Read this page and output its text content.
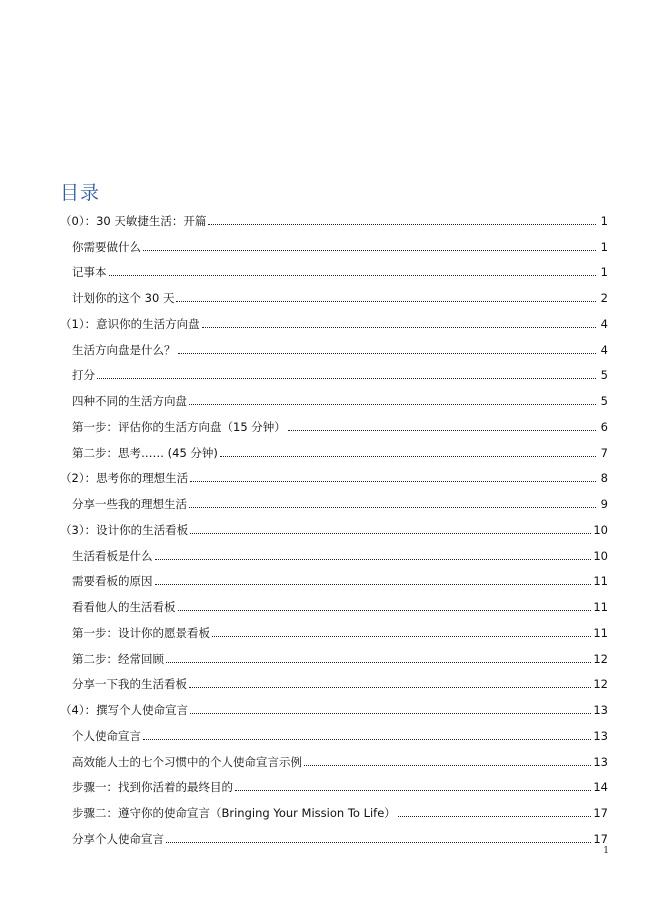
目录
（0）：30 天敏捷生活：开篇	1
你需要做什么	1
记事本	1
计划你的这个 30 天	2
（1）：意识你的生活方向盘	4
生活方向盘是什么？	4
打分	5
四种不同的生活方向盘	5
第一步：评估你的生活方向盘（15 分钟）	6
第二步：思考…… (45 分钟)	7
（2）：思考你的理想生活	8
分享一些我的理想生活	9
（3）：设计你的生活看板	10
生活看板是什么	10
需要看板的原因	11
看看他人的生活看板	11
第一步：设计你的愿景看板	11
第二步：经常回顾	12
分享一下我的生活看板	12
（4）：撰写个人使命宣言	13
个人使命宣言	13
高效能人士的七个习惯中的个人使命宣言示例	13
步骤一：找到你活着的最终目的	14
步骤二：遵守你的使命宣言（Bringing Your Mission To Life）	17
分享个人使命宣言	17
1
